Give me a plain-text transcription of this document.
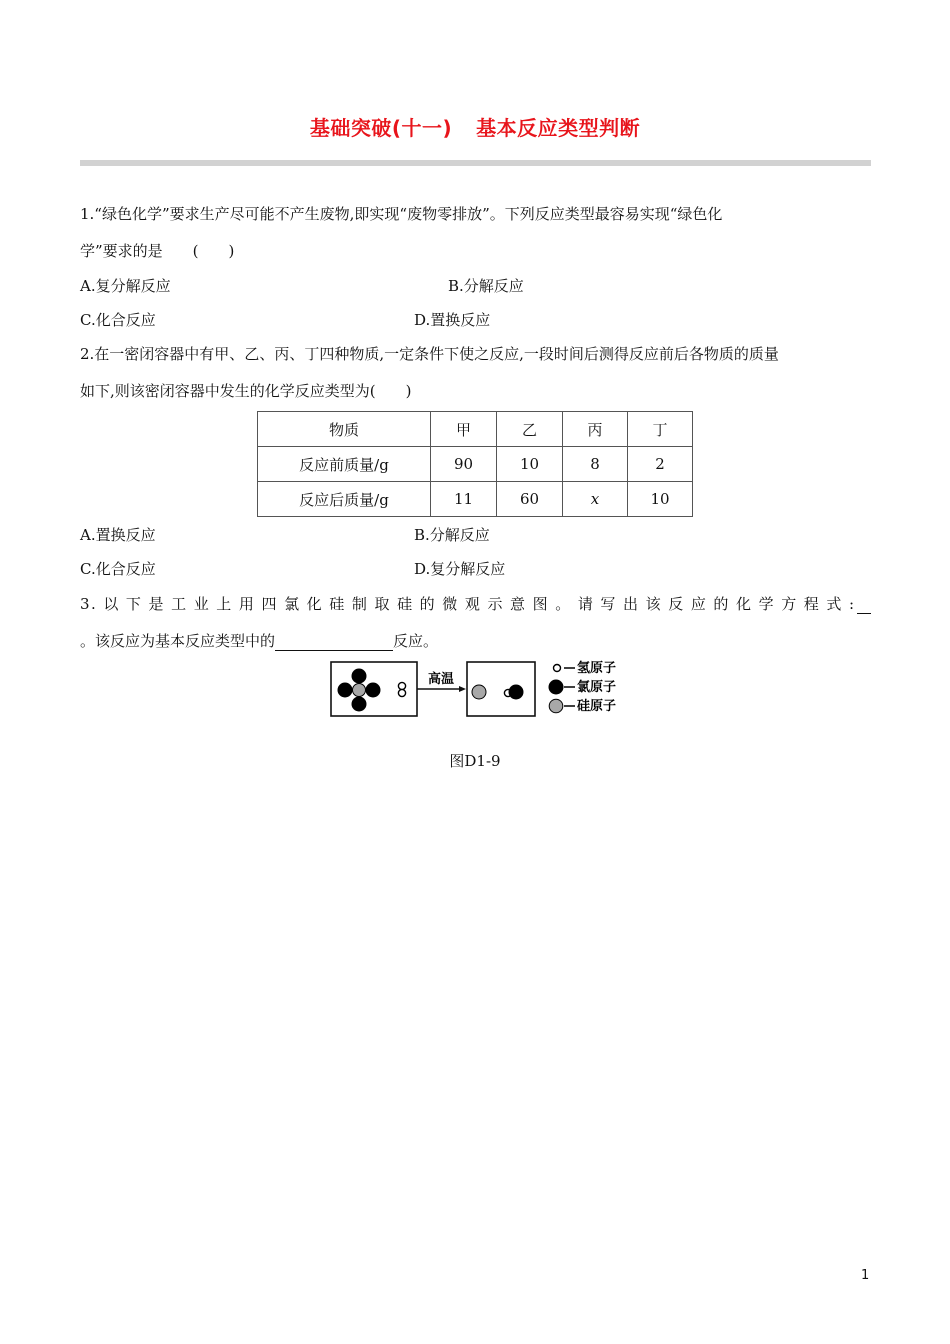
基础突破(十一) 基本反应类型判断
1.“绿色化学”要求生产尽可能不产生废物,即实现“废物零排放”。下列反应类型最容易实现“绿色化
学”要求的是　　(　　)
A.复分解反应	B.分解反应
C.化合反应	D.置换反应
2.在一密闭容器中有甲、乙、丙、丁四种物质,一定条件下使之反应,一段时间后测得反应前后各物质的质量
如下,则该密闭容器中发生的化学反应类型为(　　)
物质	甲	乙	丙	丁
反应前质量/g	90	10	8	2
反应后质量/g	11	60	x	10
A.置换反应	B.分解反应
C.化合反应	D.复分解反应
3. 以 下 是 工 业 上 用 四 氯 化 硅 制 取 硅 的 微 观 示 意 图 。 请 写 出 该 反 应 的 化 学 方 程 式 :
。该反应为基本反应类型中的	反应。
高温
氢原子
氯原子
硅原子
图D1-9
1
